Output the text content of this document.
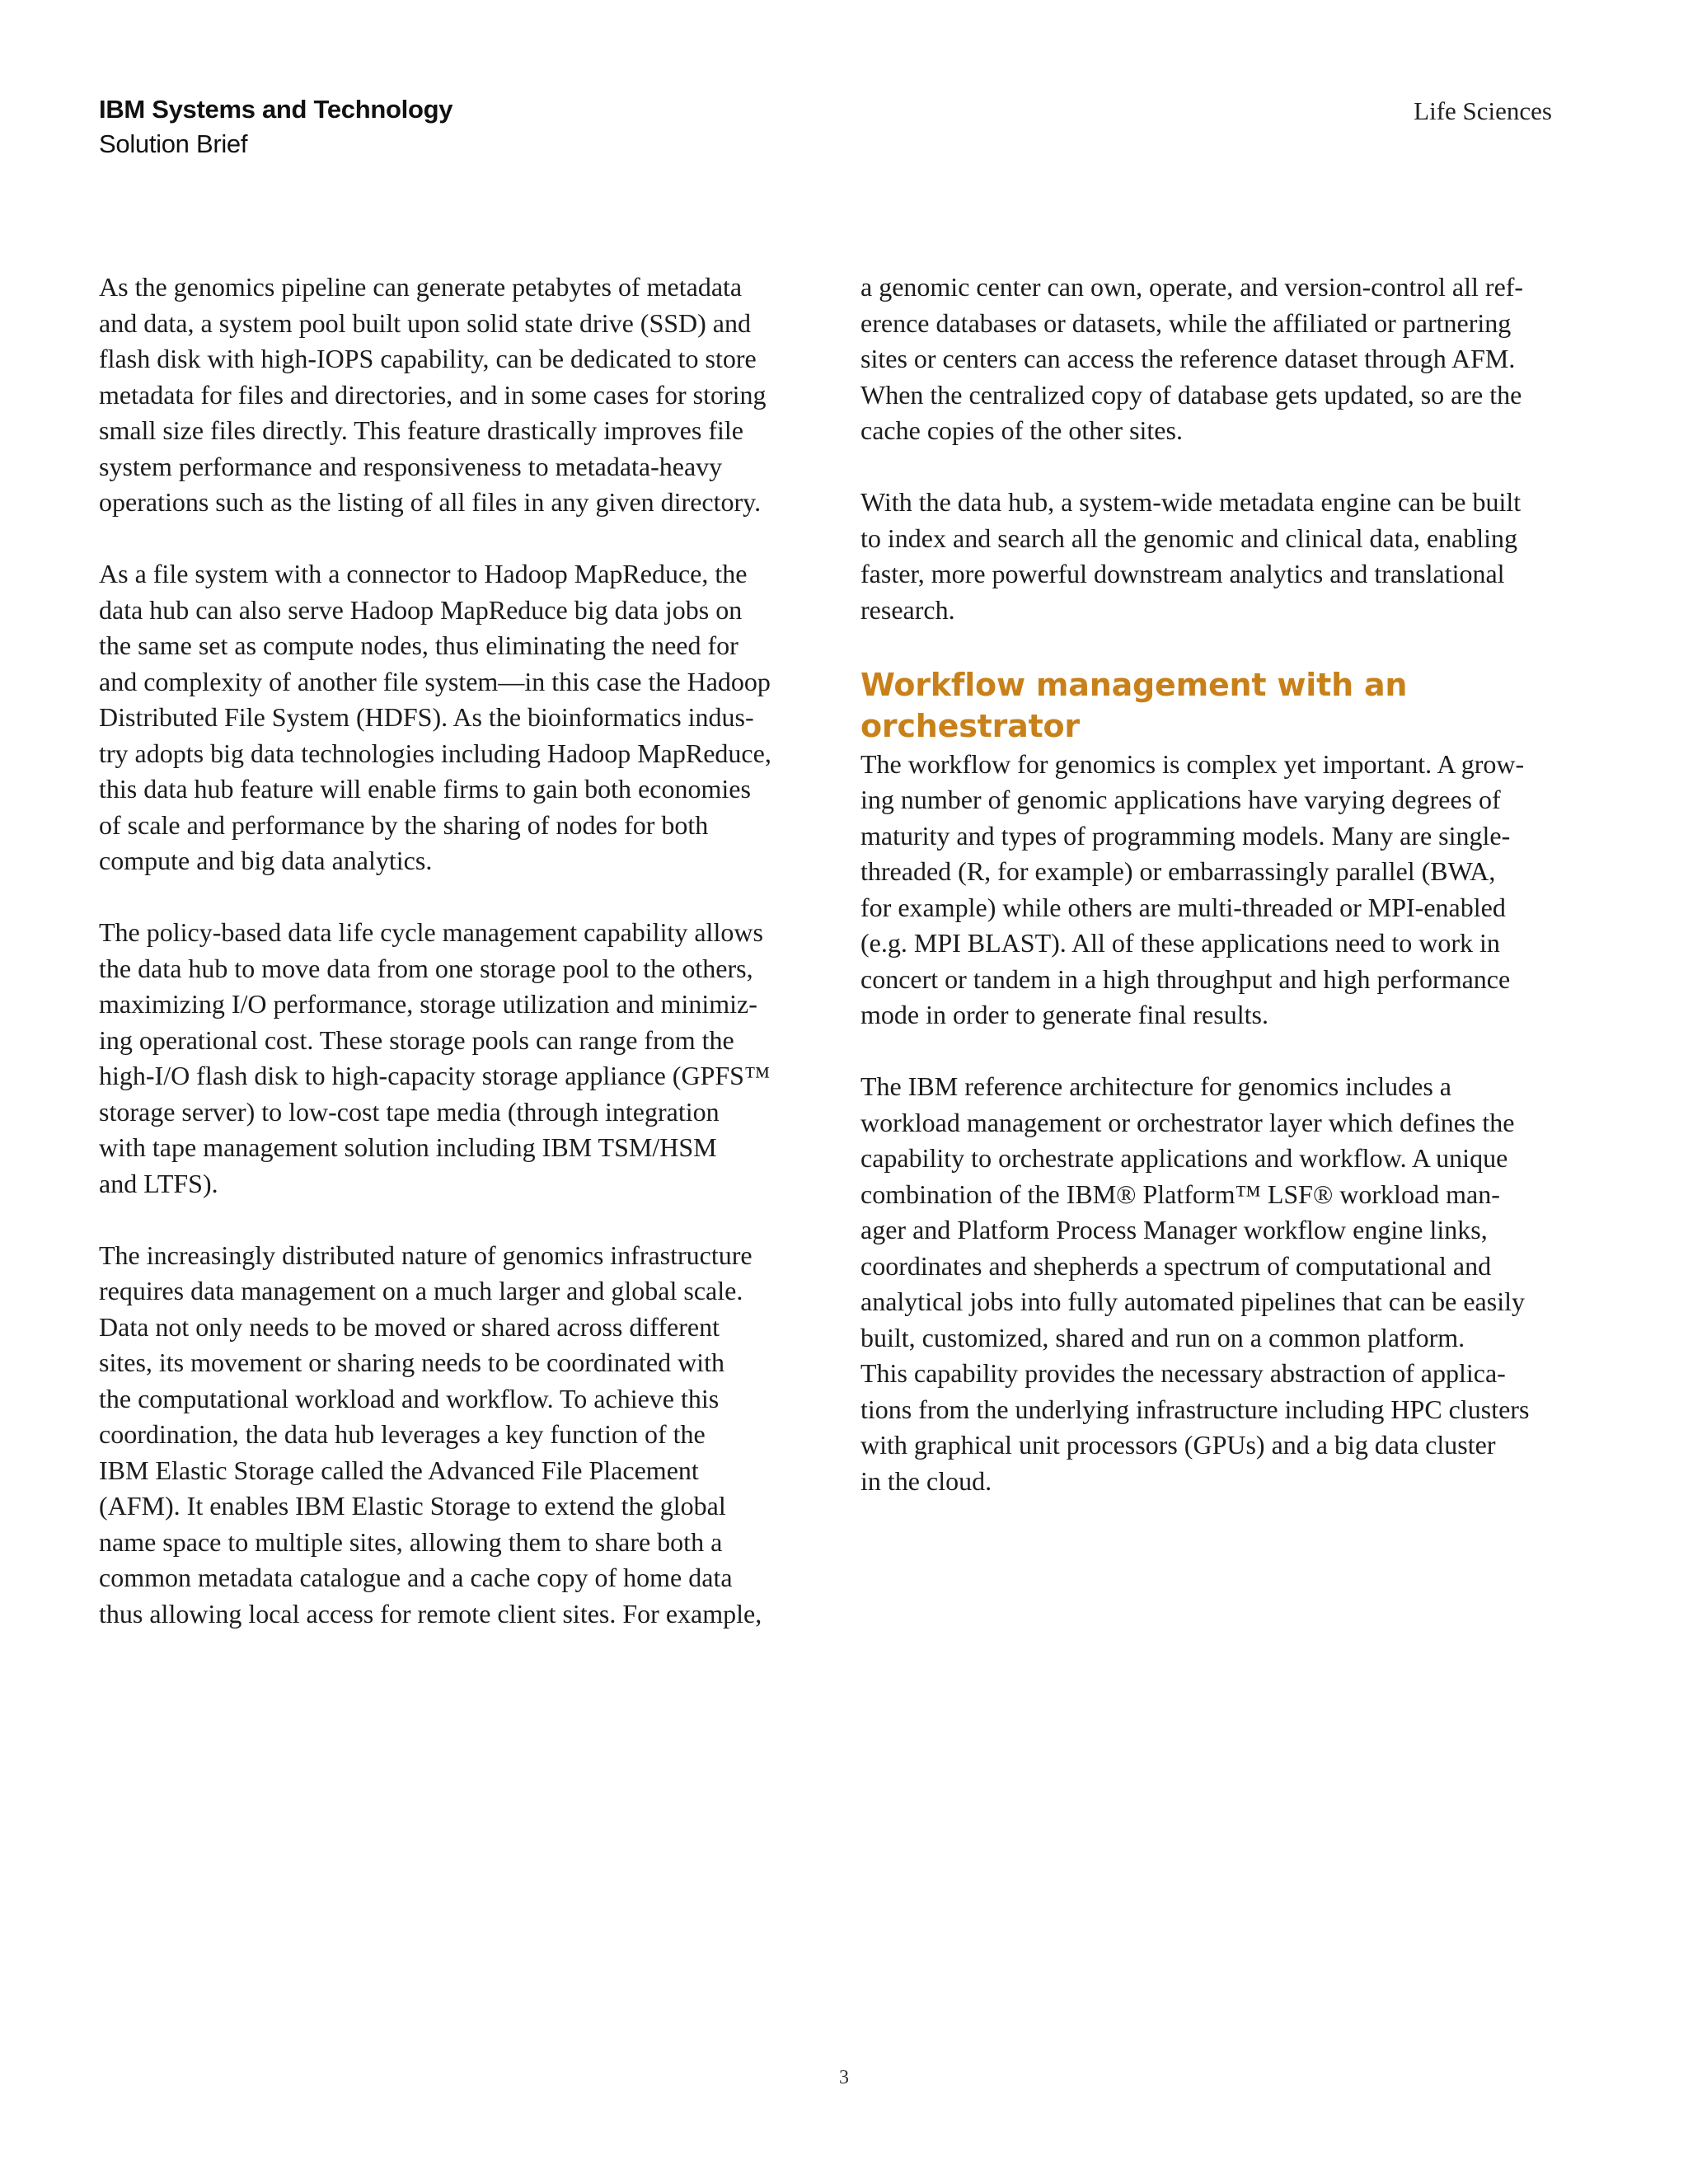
IBM Systems and Technology
Solution Brief
Life Sciences

As the genomics pipeline can generate petabytes of metadata
and data, a system pool built upon solid state drive (SSD) and
flash disk with high-IOPS capability, can be dedicated to store
metadata for files and directories, and in some cases for storing
small size files directly. This feature drastically improves file
system performance and responsiveness to metadata-heavy
operations such as the listing of all files in any given directory.

As a file system with a connector to Hadoop MapReduce, the
data hub can also serve Hadoop MapReduce big data jobs on
the same set as compute nodes, thus eliminating the need for
and complexity of another file system—in this case the Hadoop
Distributed File System (HDFS). As the bioinformatics indus-
try adopts big data technologies including Hadoop MapReduce,
this data hub feature will enable firms to gain both economies
of scale and performance by the sharing of nodes for both
compute and big data analytics.

The policy-based data life cycle management capability allows
the data hub to move data from one storage pool to the others,
maximizing I/O performance, storage utilization and minimiz-
ing operational cost. These storage pools can range from the
high-I/O flash disk to high-capacity storage appliance (GPFS™
storage server) to low-cost tape media (through integration
with tape management solution including IBM TSM/HSM
and LTFS).

The increasingly distributed nature of genomics infrastructure
requires data management on a much larger and global scale.
Data not only needs to be moved or shared across different
sites, its movement or sharing needs to be coordinated with
the computational workload and workflow. To achieve this
coordination, the data hub leverages a key function of the
IBM Elastic Storage called the Advanced File Placement
(AFM). It enables IBM Elastic Storage to extend the global
name space to multiple sites, allowing them to share both a
common metadata catalogue and a cache copy of home data
thus allowing local access for remote client sites. For example,

a genomic center can own, operate, and version-control all ref-
erence databases or datasets, while the affiliated or partnering
sites or centers can access the reference dataset through AFM.
When the centralized copy of database gets updated, so are the
cache copies of the other sites.

With the data hub, a system-wide metadata engine can be built
to index and search all the genomic and clinical data, enabling
faster, more powerful downstream analytics and translational
research.

Workflow management with an
orchestrator

The workflow for genomics is complex yet important. A grow-
ing number of genomic applications have varying degrees of
maturity and types of programming models. Many are single-
threaded (R, for example) or embarrassingly parallel (BWA,
for example) while others are multi-threaded or MPI-enabled
(e.g. MPI BLAST). All of these applications need to work in
concert or tandem in a high throughput and high performance
mode in order to generate final results.

The IBM reference architecture for genomics includes a
workload management or orchestrator layer which defines the
capability to orchestrate applications and workflow. A unique
combination of the IBM® Platform™ LSF® workload man-
ager and Platform Process Manager workflow engine links,
coordinates and shepherds a spectrum of computational and
analytical jobs into fully automated pipelines that can be easily
built, customized, shared and run on a common platform.
This capability provides the necessary abstraction of applica-
tions from the underlying infrastructure including HPC clusters
with graphical unit processors (GPUs) and a big data cluster
in the cloud.

3
